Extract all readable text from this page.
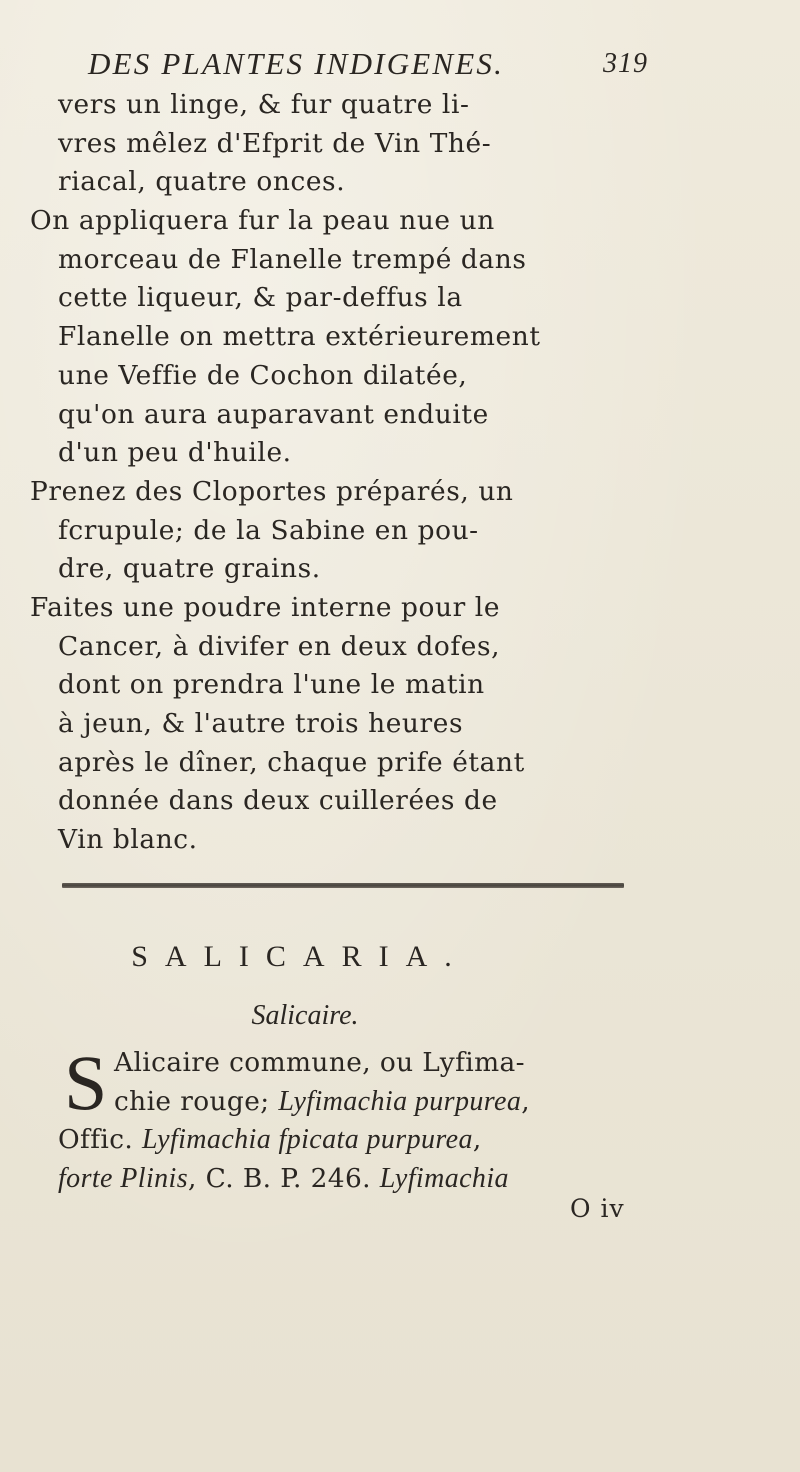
DES PLANTES INDIGENES.	319
vers un linge, & fur quatre li-
vres mêlez d'Efprit de Vin Thé-
riacal, quatre onces.
On appliquera fur la peau nue un
morceau de Flanelle trempé dans
cette liqueur, & par-deffus la
Flanelle on mettra extérieurement
une Veffie de Cochon dilatée,
qu'on aura auparavant enduite
d'un peu d'huile.
Prenez des Cloportes préparés, un
fcrupule; de la Sabine en pou-
dre, quatre grains.
Faites une poudre interne pour le
Cancer, à divifer en deux dofes,
dont on prendra l'une le matin
à jeun, & l'autre trois heures
après le dîner, chaque prife étant
donnée dans deux cuillerées de
Vin blanc.
SALICARIA.
Salicaire.
S Alicaire commune, ou Lyfima-
chie rouge; Lyfimachia purpurea,
Offic. Lyfimachia fpicata purpurea,
forte Plinis, C. B. P. 246. Lyfimachia
O iv
